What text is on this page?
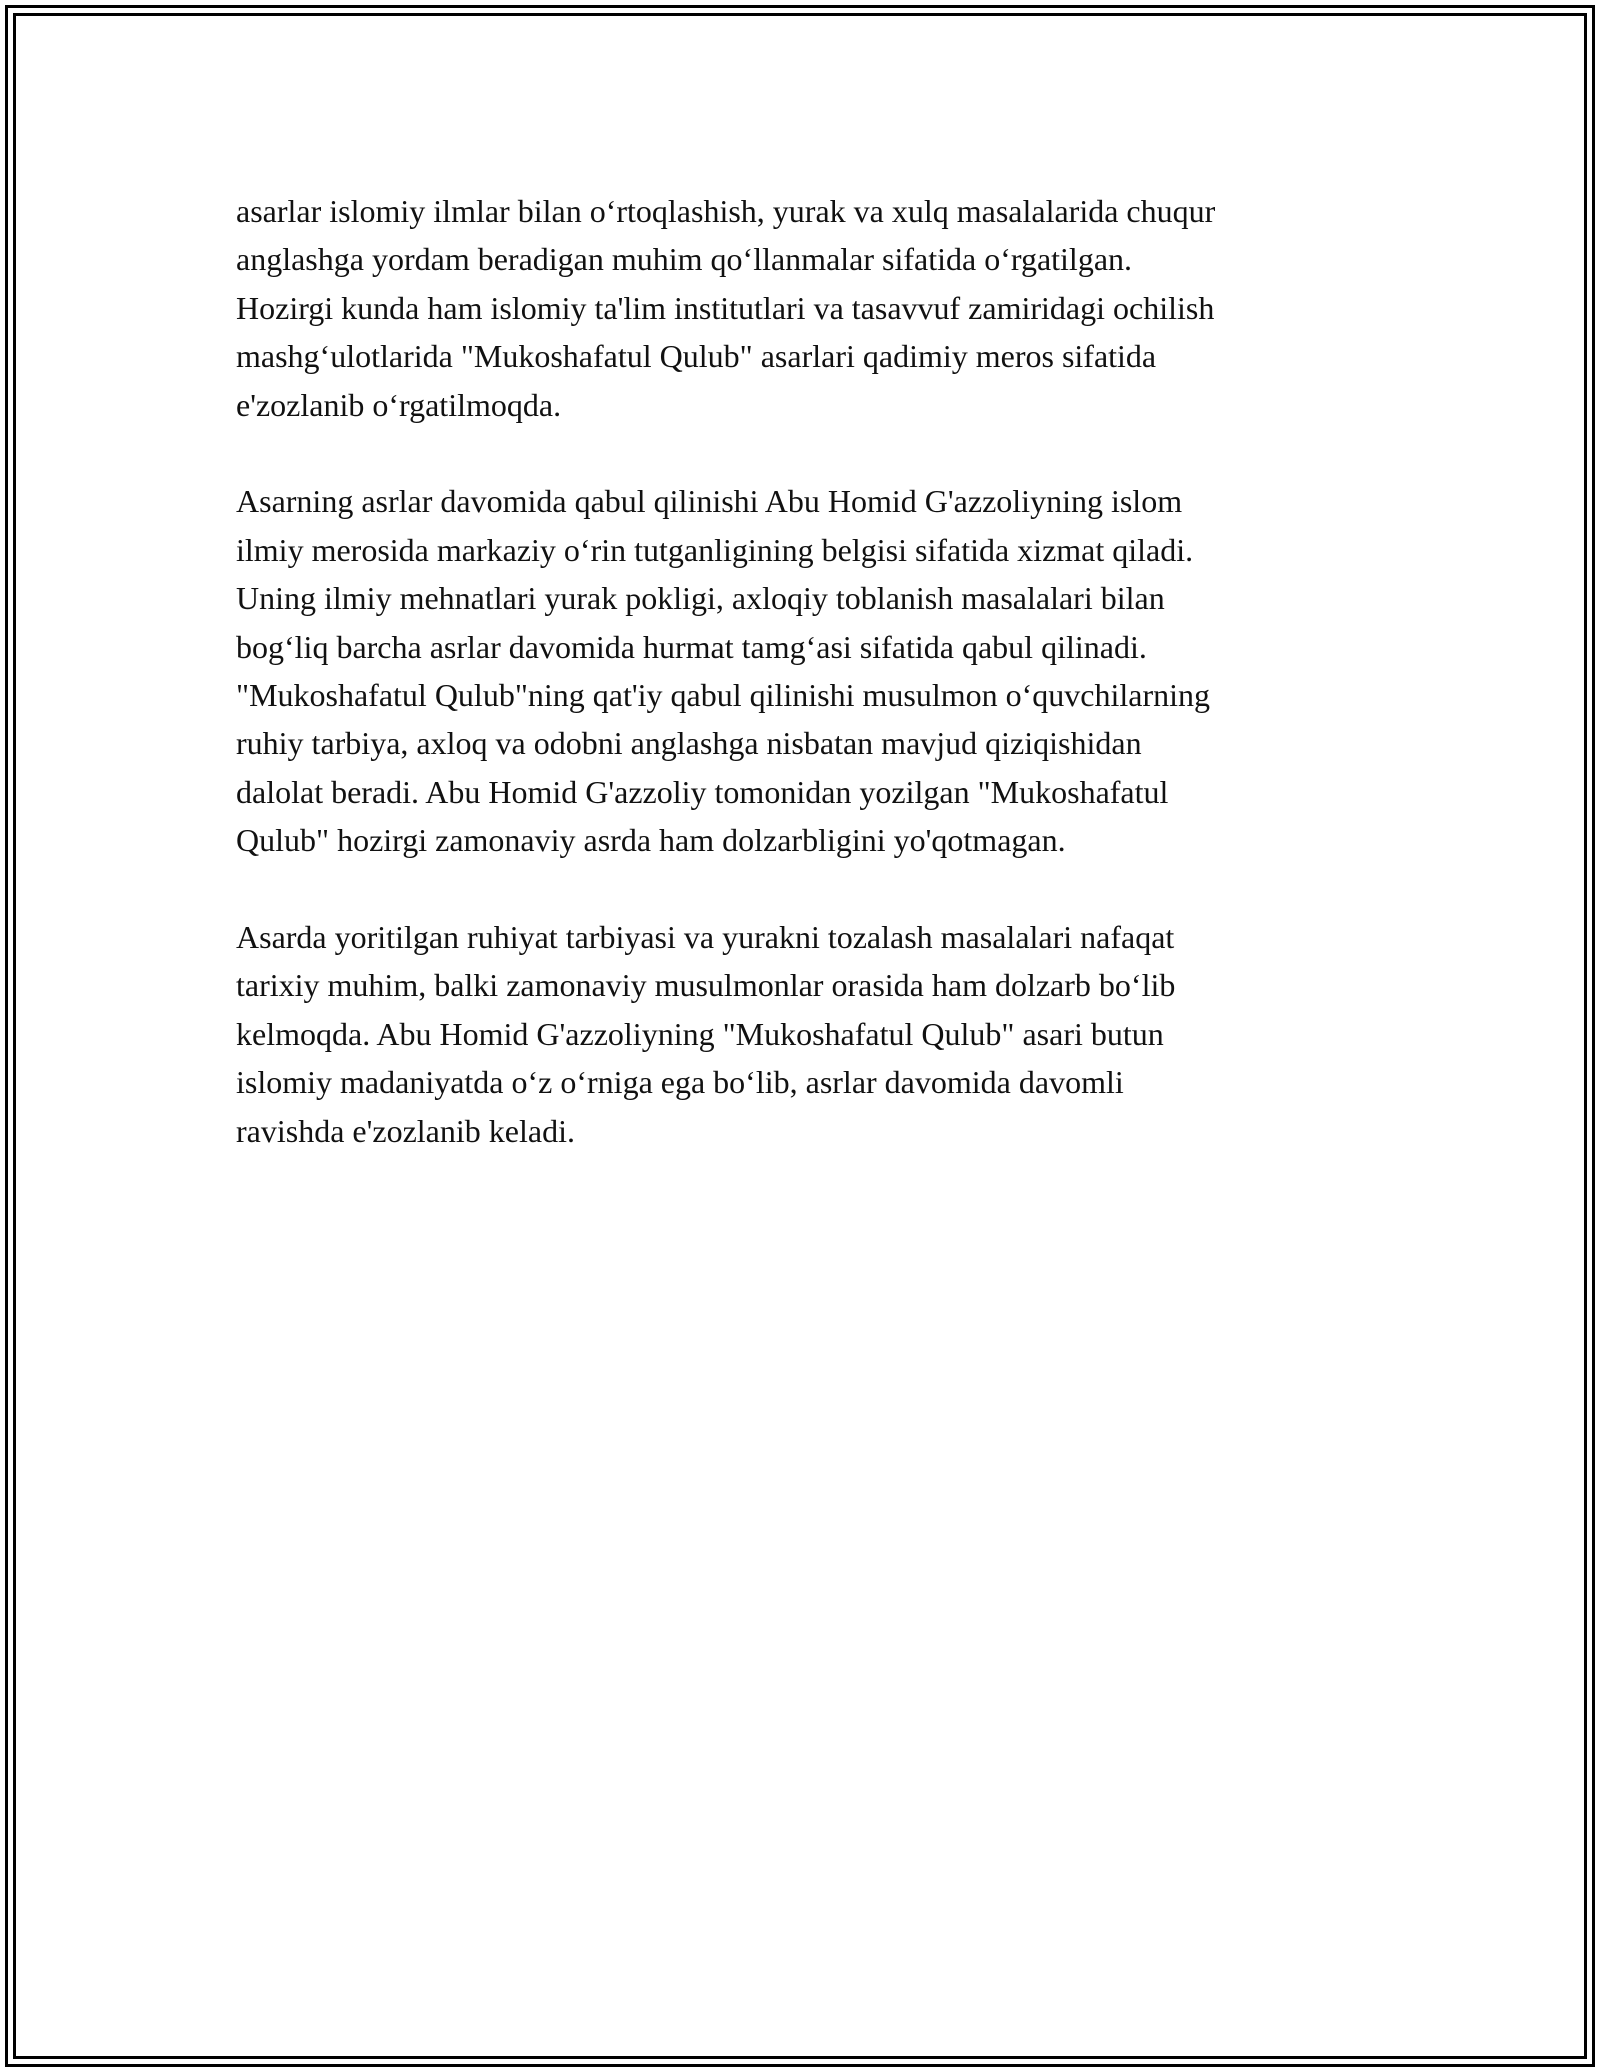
asarlar islomiy ilmlar bilan o‘rtoqlashish, yurak va xulq masalalarida chuqur
anglashga yordam beradigan muhim qo‘llanmalar sifatida o‘rgatilgan.
Hozirgi kunda ham islomiy ta'lim institutlari va tasavvuf zamiridagi ochilish
mashg‘ulotlarida "Mukoshafatul Qulub" asarlari qadimiy meros sifatida
e'zozlanib o‘rgatilmoqda.

Asarning asrlar davomida qabul qilinishi Abu Homid G'azzoliyning islom
ilmiy merosida markaziy o‘rin tutganligining belgisi sifatida xizmat qiladi.
Uning ilmiy mehnatlari yurak pokligi, axloqiy toblanish masalalari bilan
bog‘liq barcha asrlar davomida hurmat tamg‘asi sifatida qabul qilinadi.
"Mukoshafatul Qulub"ning qat'iy qabul qilinishi musulmon o‘quvchilarning
ruhiy tarbiya, axloq va odobni anglashga nisbatan mavjud qiziqishidan
dalolat beradi. Abu Homid G'azzoliy tomonidan yozilgan "Mukoshafatul
Qulub" hozirgi zamonaviy asrda ham dolzarbligini yo'qotmagan.

Asarda yoritilgan ruhiyat tarbiyasi va yurakni tozalash masalalari nafaqat
tarixiy muhim, balki zamonaviy musulmonlar orasida ham dolzarb bo‘lib
kelmoqda. Abu Homid G'azzoliyning "Mukoshafatul Qulub" asari butun
islomiy madaniyatda o‘z o‘rniga ega bo‘lib, asrlar davomida davomli
ravishda e'zozlanib keladi.
